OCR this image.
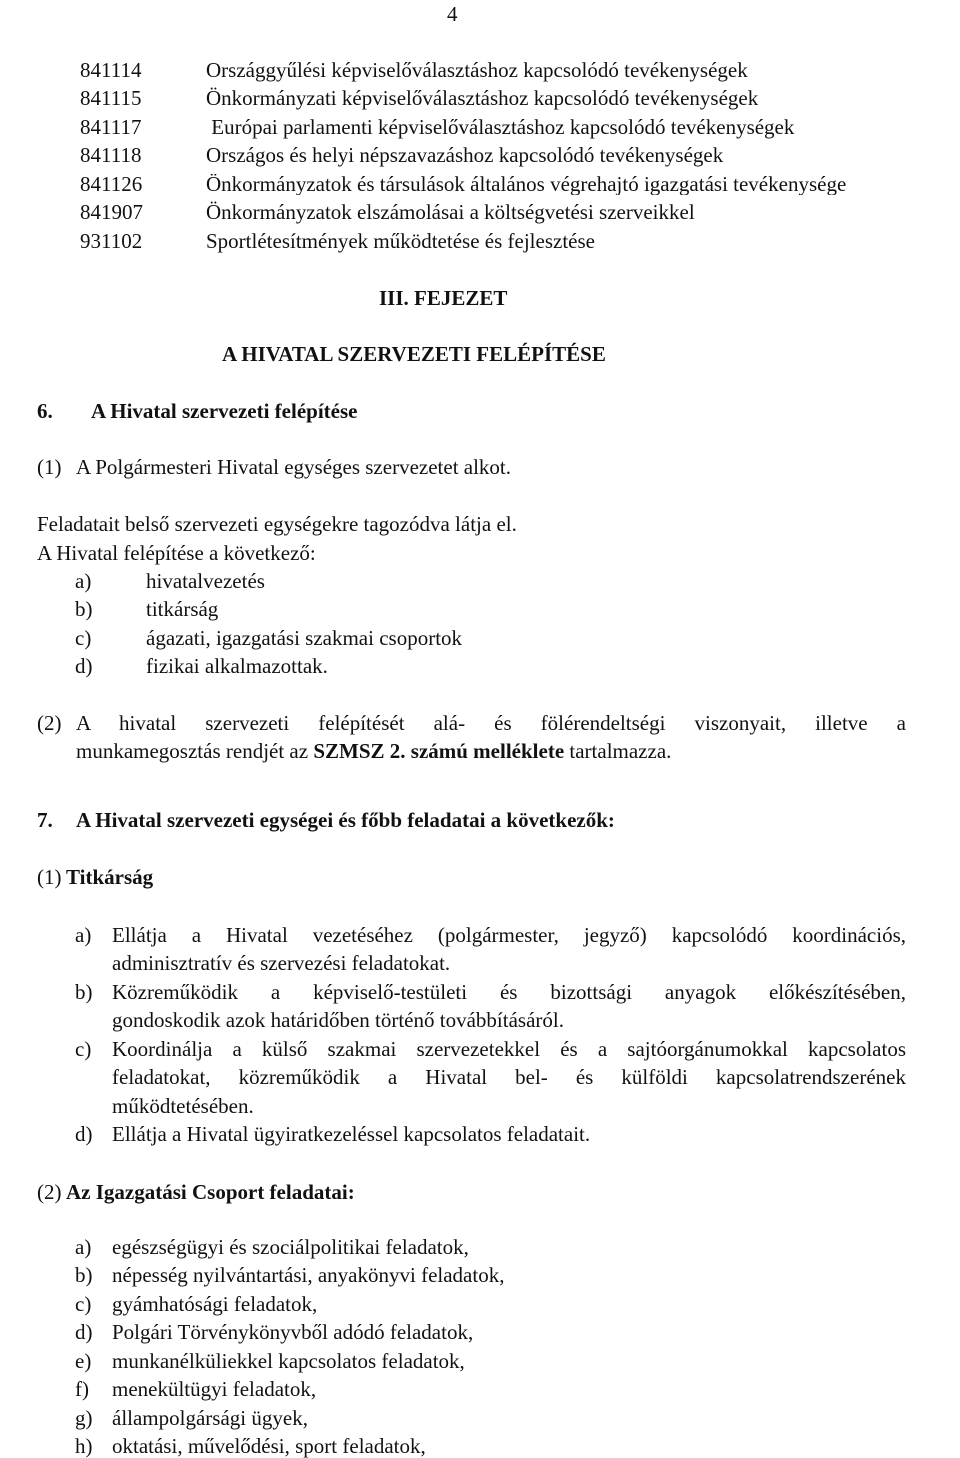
4
841114	Országgyűlési képviselőválasztáshoz kapcsolódó tevékenységek
841115	Önkormányzati képviselőválasztáshoz kapcsolódó tevékenységek
841117	Európai parlamenti képviselőválasztáshoz kapcsolódó tevékenységek
841118	Országos és helyi népszavazáshoz kapcsolódó tevékenységek
841126	Önkormányzatok és társulások általános végrehajtó igazgatási tevékenysége
841907	Önkormányzatok elszámolásai a költségvetési szerveikkel
931102	Sportlétesítmények működtetése és fejlesztése
III. FEJEZET
A HIVATAL SZERVEZETI FELÉPÍTÉSE
6. A Hivatal szervezeti felépítése
(1) A Polgármesteri Hivatal egységes szervezetet alkot.
Feladatait belső szervezeti egységekre tagozódva látja el.
A Hivatal felépítése a következő:
a)	hivatalvezetés
b)	titkárság
c)	ágazati, igazgatási szakmai csoportok
d)	fizikai alkalmazottak.
(2) A hivatal szervezeti felépítését alá- és fölérendeltségi viszonyait, illetve a
munkamegosztás rendjét az SZMSZ 2. számú melléklete tartalmazza.
7. A Hivatal szervezeti egységei és főbb feladatai a következők:
(1) Titkárság
a) Ellátja a Hivatal vezetéséhez (polgármester, jegyző) kapcsolódó koordinációs,
adminisztratív és szervezési feladatokat.
b) Közreműködik a képviselő-testületi és bizottsági anyagok előkészítésében,
gondoskodik azok határidőben történő továbbításáról.
c) Koordinálja a külső szakmai szervezetekkel és a sajtóorgánumokkal kapcsolatos
feladatokat, közreműködik a Hivatal bel- és külföldi kapcsolatrendszerének
működtetésében.
d) Ellátja a Hivatal ügyiratkezeléssel kapcsolatos feladatait.
(2) Az Igazgatási Csoport feladatai:
a) egészségügyi és szociálpolitikai feladatok,
b) népesség nyilvántartási, anyakönyvi feladatok,
c) gyámhatósági feladatok,
d) Polgári Törvénykönyvből adódó feladatok,
e) munkanélküliekkel kapcsolatos feladatok,
f) menekültügyi feladatok,
g) állampolgársági ügyek,
h) oktatási, művelődési, sport feladatok,
